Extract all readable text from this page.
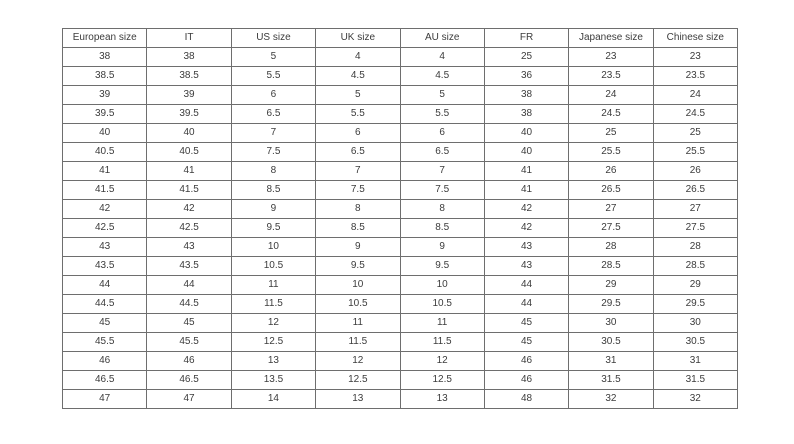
European size	IT	US size	UK size	AU size	FR	Japanese size	Chinese size
38	38	5	4	4	25	23	23
38.5	38.5	5.5	4.5	4.5	36	23.5	23.5
39	39	6	5	5	38	24	24
39.5	39.5	6.5	5.5	5.5	38	24.5	24.5
40	40	7	6	6	40	25	25
40.5	40.5	7.5	6.5	6.5	40	25.5	25.5
41	41	8	7	7	41	26	26
41.5	41.5	8.5	7.5	7.5	41	26.5	26.5
42	42	9	8	8	42	27	27
42.5	42.5	9.5	8.5	8.5	42	27.5	27.5
43	43	10	9	9	43	28	28
43.5	43.5	10.5	9.5	9.5	43	28.5	28.5
44	44	11	10	10	44	29	29
44.5	44.5	11.5	10.5	10.5	44	29.5	29.5
45	45	12	11	11	45	30	30
45.5	45.5	12.5	11.5	11.5	45	30.5	30.5
46	46	13	12	12	46	31	31
46.5	46.5	13.5	12.5	12.5	46	31.5	31.5
47	47	14	13	13	48	32	32
